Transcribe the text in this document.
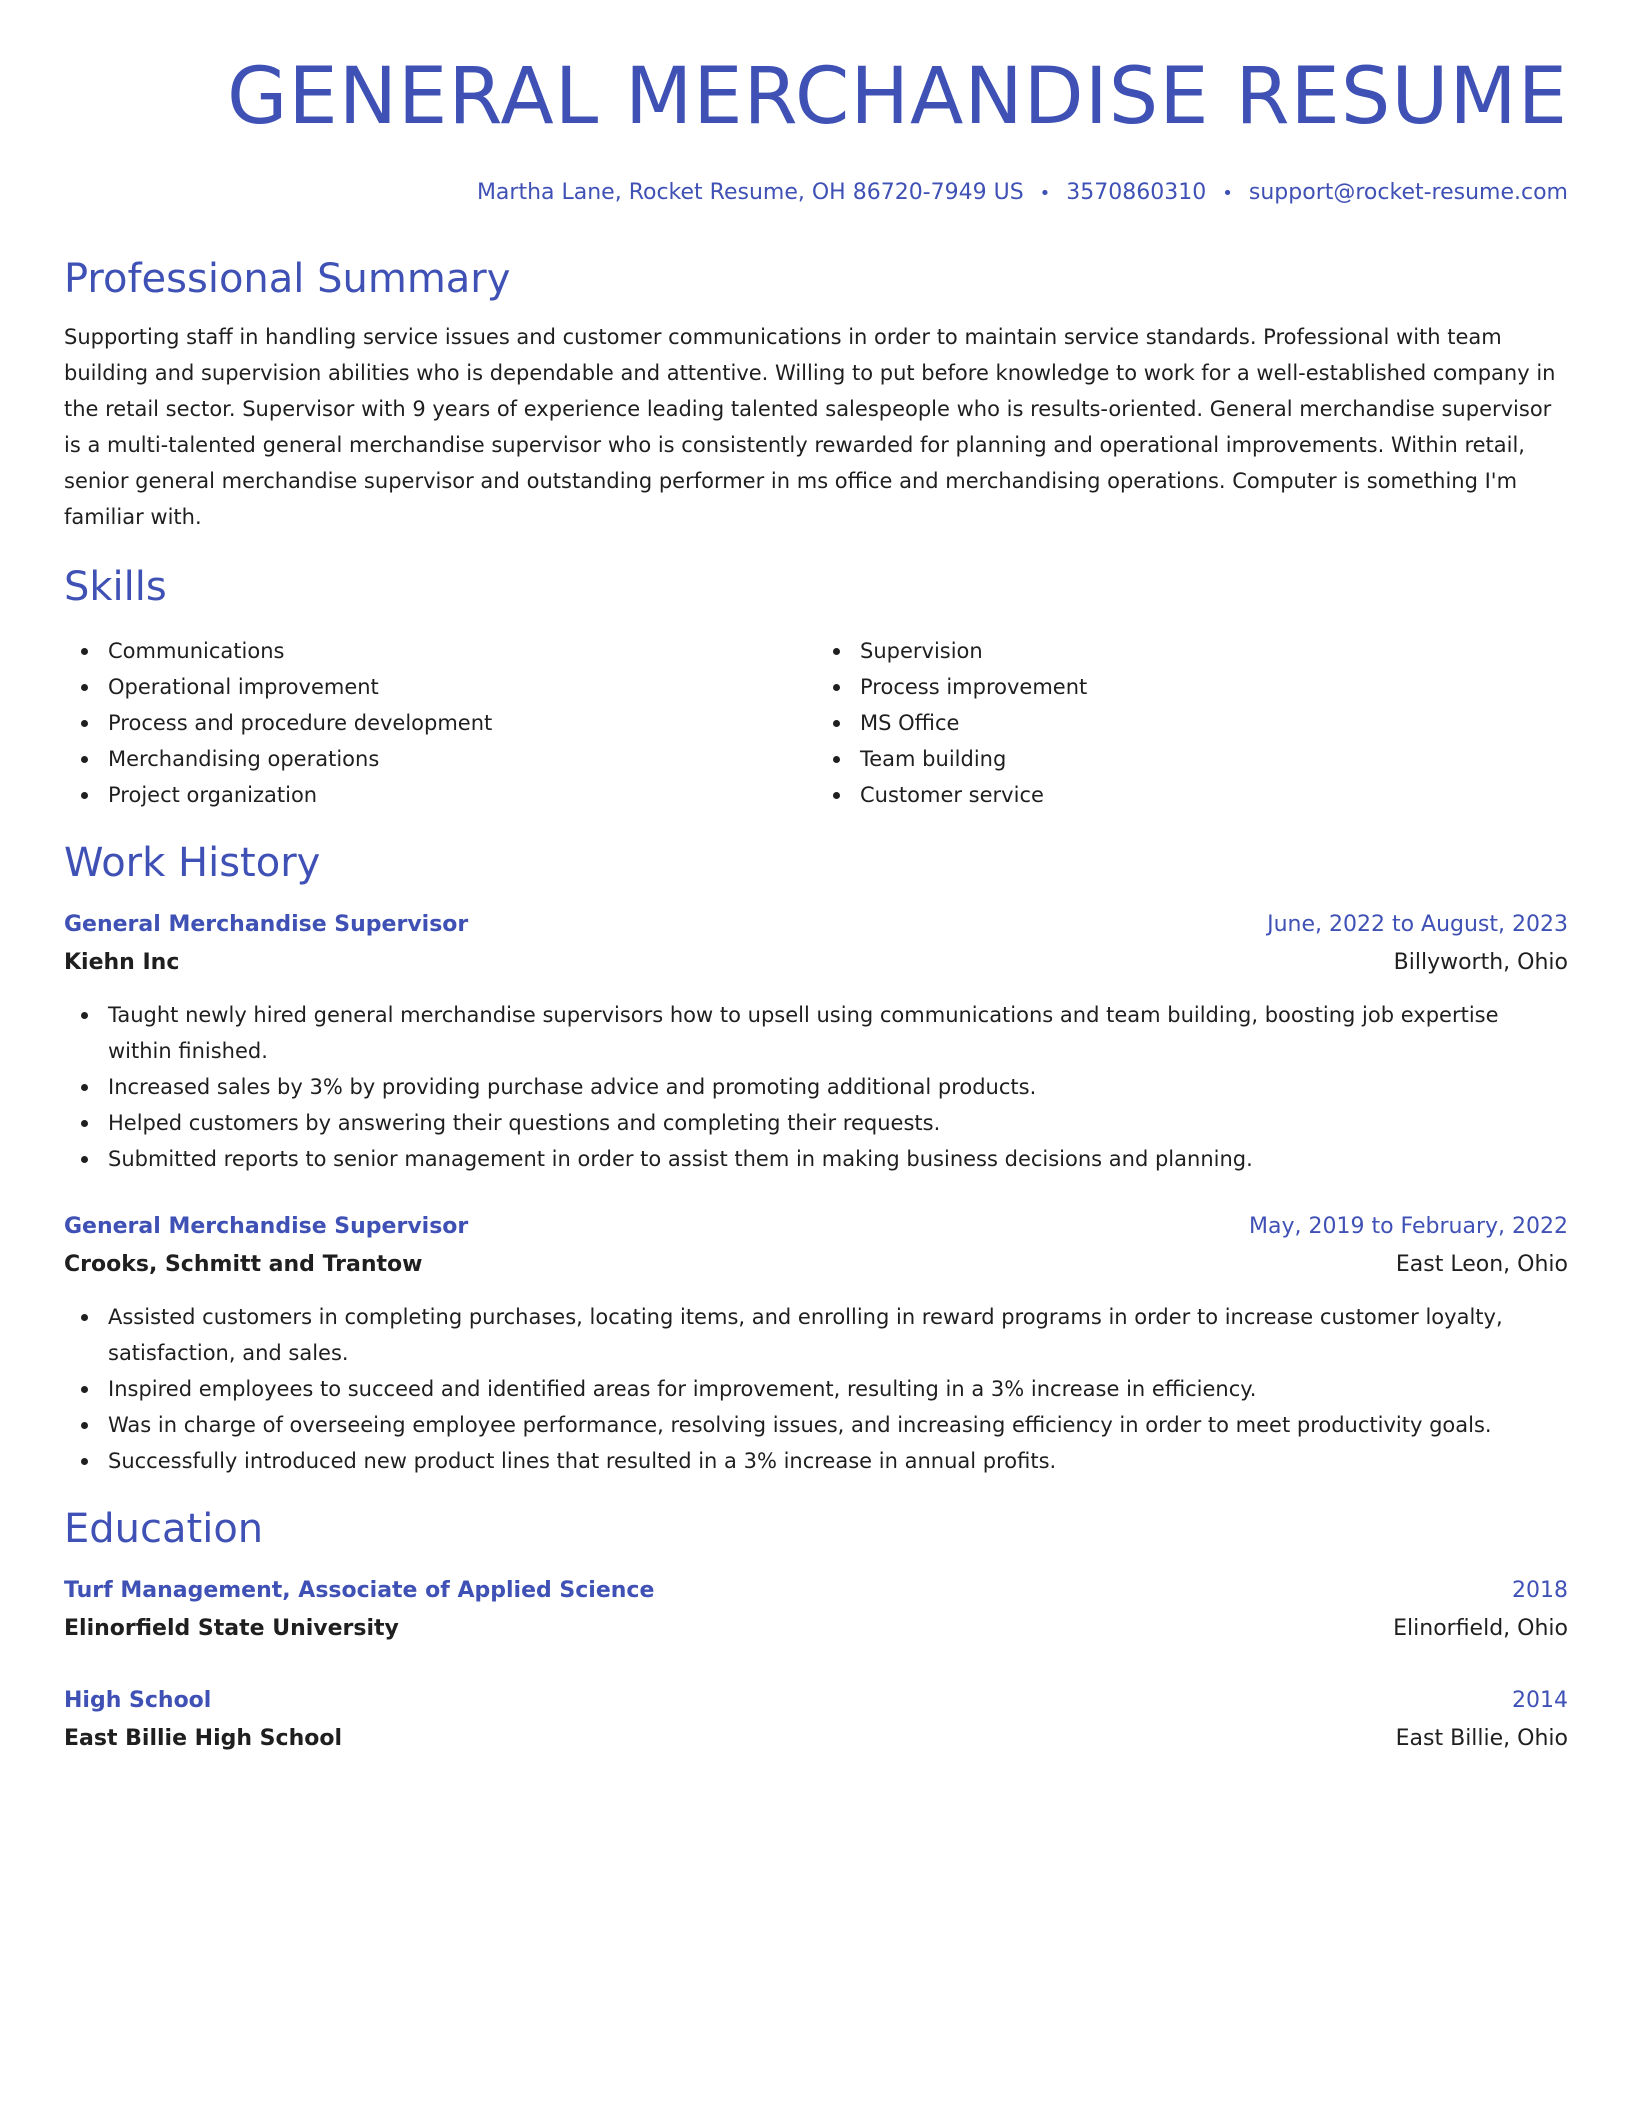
GENERAL MERCHANDISE RESUME
Martha Lane, Rocket Resume, OH 86720-7949 US • 3570860310 • support@rocket-resume.com
Professional Summary

Supporting staff in handling service issues and customer communications in order to maintain service standards. Professional with team building and supervision abilities who is dependable and attentive. Willing to put before knowledge to work for a well-established company in the retail sector. Supervisor with 9 years of experience leading talented salespeople who is results-oriented. General merchandise supervisor is a multi-talented general merchandise supervisor who is consistently rewarded for planning and operational improvements. Within retail, senior general merchandise supervisor and outstanding performer in ms office and merchandising operations. Computer is something I'm familiar with.

Skills
Communications
Operational improvement
Process and procedure development
Merchandising operations
Project organization
Supervision
Process improvement
MS Office
Team building
Customer service
Work History
General Merchandise Supervisor	June, 2022 to August, 2023
Kiehn Inc	Billyworth, Ohio
Taught newly hired general merchandise supervisors how to upsell using communications and team building, boosting job expertise within finished.
Increased sales by 3% by providing purchase advice and promoting additional products.
Helped customers by answering their questions and completing their requests.
Submitted reports to senior management in order to assist them in making business decisions and planning.
General Merchandise Supervisor	May, 2019 to February, 2022
Crooks, Schmitt and Trantow	East Leon, Ohio
Assisted customers in completing purchases, locating items, and enrolling in reward programs in order to increase customer loyalty, satisfaction, and sales.
Inspired employees to succeed and identified areas for improvement, resulting in a 3% increase in efficiency.
Was in charge of overseeing employee performance, resolving issues, and increasing efficiency in order to meet productivity goals.
Successfully introduced new product lines that resulted in a 3% increase in annual profits.
Education
Turf Management, Associate of Applied Science	2018
Elinorfield State University	Elinorfield, Ohio
High School	2014
East Billie High School	East Billie, Ohio
